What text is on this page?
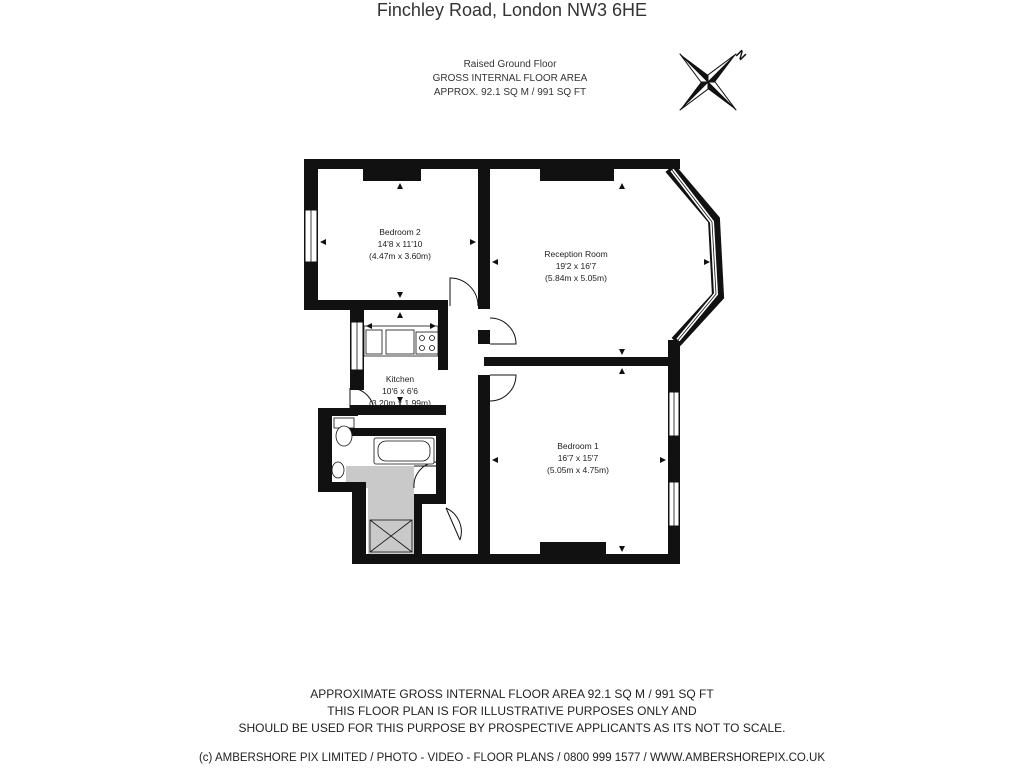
Finchley Road, London NW3 6HE
Raised Ground Floor
GROSS INTERNAL FLOOR AREA
APPROX. 92.1 SQ M / 991 SQ FT
N
Bedroom 2
14'8 x 11'10
(4.47m x 3.60m)	Reception Room
19'2 x 16'7
(5.84m x 5.05m)
Kitchen
10'6 x 6'6
(3.20m x 1.99m)
Bedroom 1
16'7 x 15'7
(5.05m x 4.75m)
APPROXIMATE GROSS INTERNAL FLOOR AREA 92.1 SQ M / 991 SQ FT
THIS FLOOR PLAN IS FOR ILLUSTRATIVE PURPOSES ONLY AND
SHOULD BE USED FOR THIS PURPOSE BY PROSPECTIVE APPLICANTS AS ITS NOT TO SCALE.
(c) AMBERSHORE PIX LIMITED / PHOTO - VIDEO - FLOOR PLANS / 0800 999 1577 / WWW.AMBERSHOREPIX.CO.UK
